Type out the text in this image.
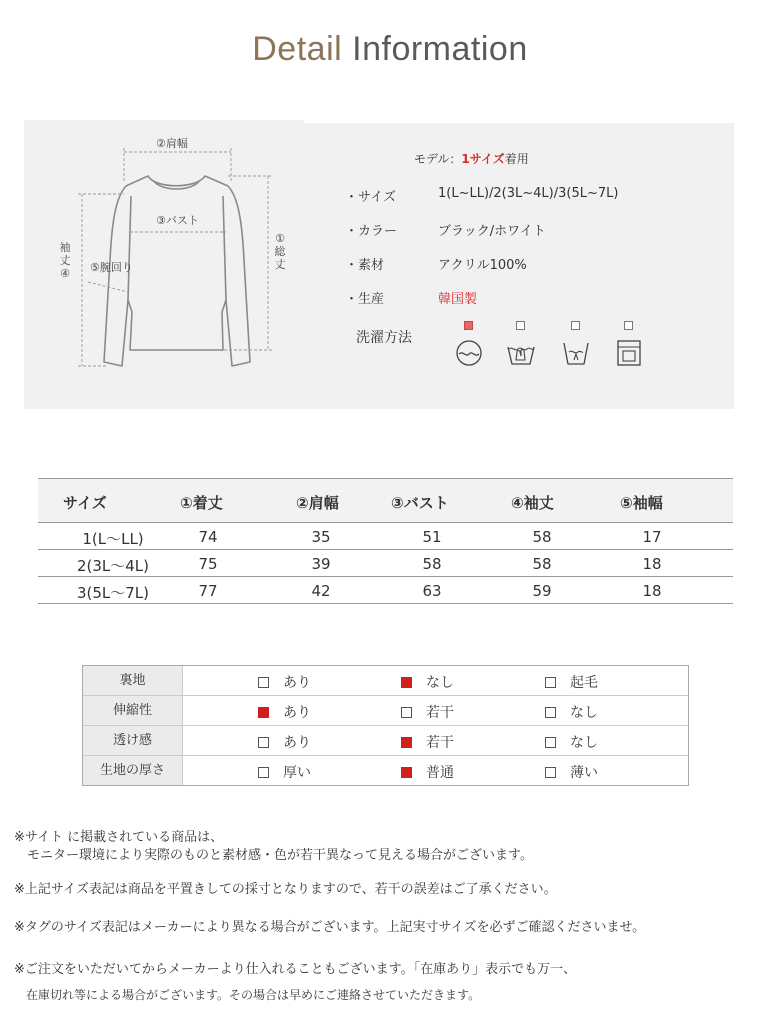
Detail Information
②肩幅
③バスト
⑤腕回り
①
総
丈
袖
丈
④
モデル：1サイズ着用
・サイズ	1(L~LL)/2(3L~4L)/3(5L~7L)
・カラー	ブラック/ホワイト
・素材	アクリル100%
・生産	韓国製
洗濯方法
サイズ	①着丈	②肩幅	③バスト	④袖丈	⑤袖幅
1(L〜LL)	74	35	51	58	17
2(3L〜4L)	75	39	58	58	18
3(5L〜7L)	77	42	63	59	18
裏地	あり	なし	起毛
伸縮性	あり	若干	なし
透け感	あり	若干	なし
生地の厚さ	厚い	普通	薄い
※サイト に掲載されている商品は、
　モニター環境により実際のものと素材感・色が若干異なって見える場合がございます。
※上記サイズ表記は商品を平置きしての採寸となりますので、若干の誤差はご了承ください。
※タグのサイズ表記はメーカーにより異なる場合がございます。上記実寸サイズを必ずご確認くださいませ。
※ご注文をいただいてからメーカーより仕入れることもございます。「在庫あり」表示でも万一、
　在庫切れ等による場合がございます。その場合は早めにご連絡させていただきます。
